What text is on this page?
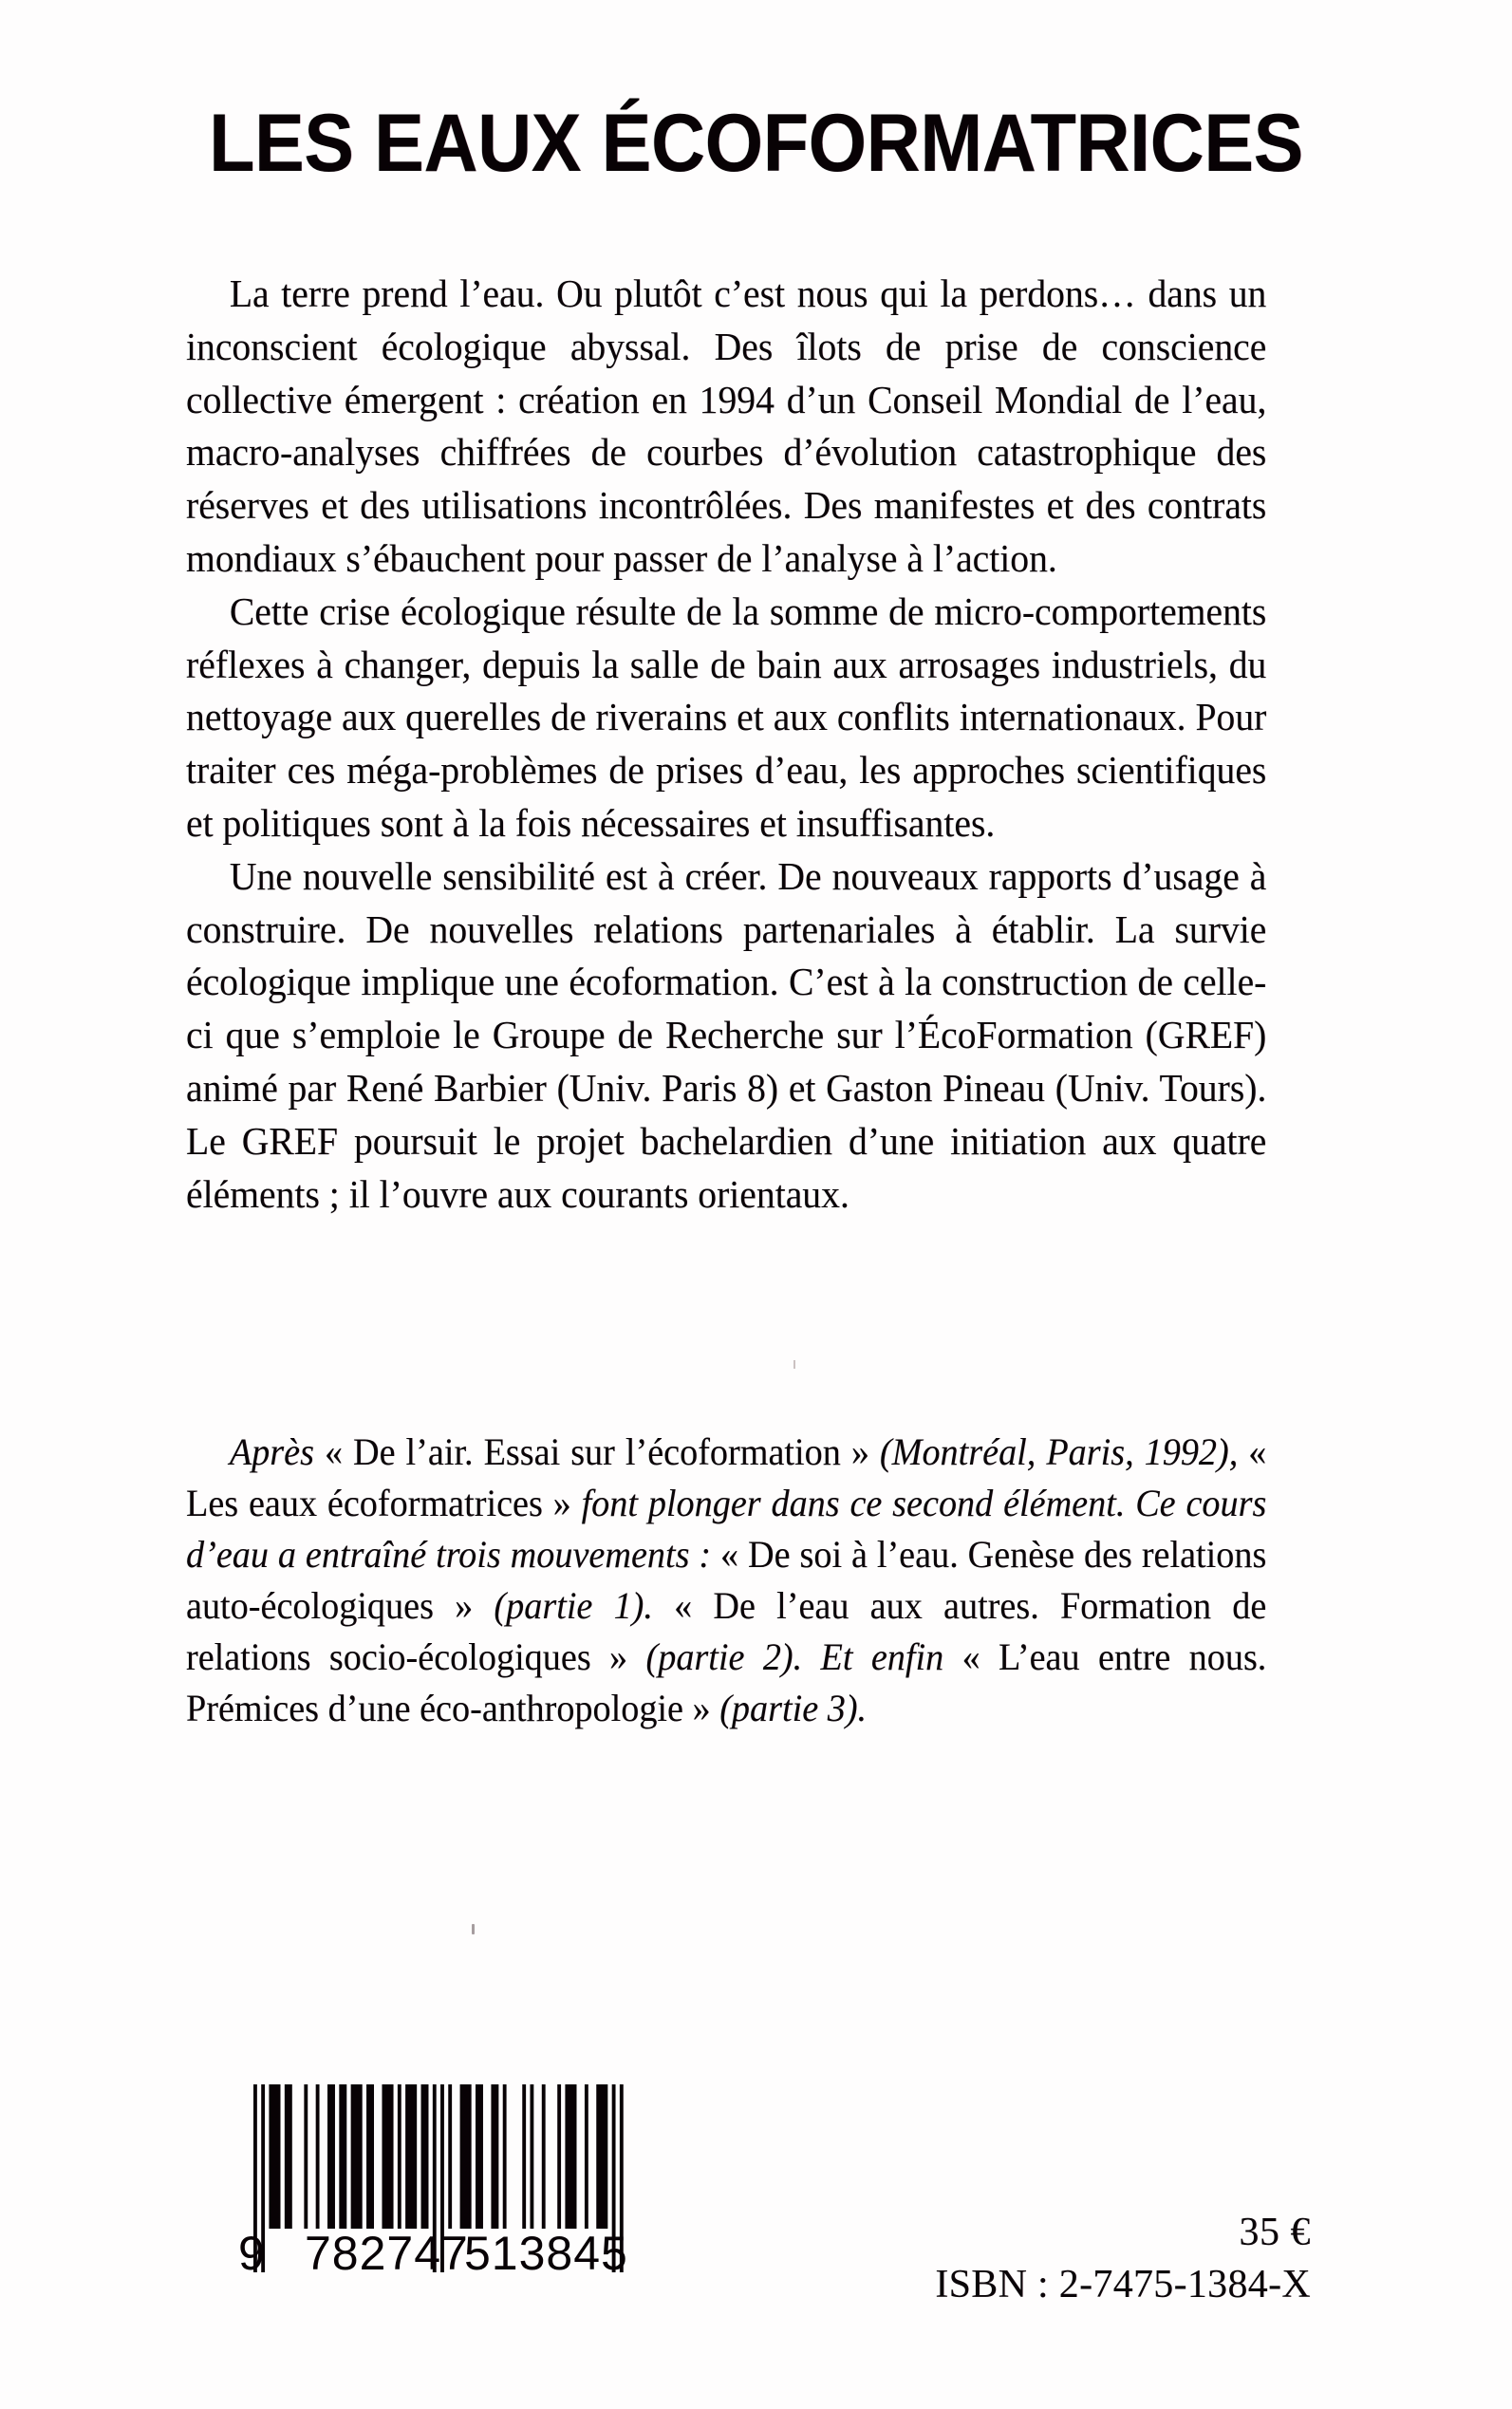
LES EAUX ÉCOFORMATRICES

La terre prend l’eau. Ou plutôt c’est nous qui la perdons… dans un inconscient écologique abyssal. Des îlots de prise de conscience collective émergent : création en 1994 d’un Conseil Mondial de l’eau, macro-analyses chiffrées de courbes d’évolution catastrophique des réserves et des utilisations incontrôlées. Des manifestes et des contrats mondiaux s’ébauchent pour passer de l’analyse à l’action.

Cette crise écologique résulte de la somme de micro-comportements réflexes à changer, depuis la salle de bain aux arrosages industriels, du nettoyage aux querelles de riverains et aux conflits internationaux. Pour traiter ces méga-problèmes de prises d’eau, les approches scientifiques et politiques sont à la fois nécessaires et insuffisantes.

Une nouvelle sensibilité est à créer. De nouveaux rapports d’usage à construire. De nouvelles relations partenariales à établir. La survie écologique implique une écoformation. C’est à la construction de celle-ci que s’emploie le Groupe de Recherche sur l’ÉcoFormation (GREF) animé par René Barbier (Univ. Paris 8) et Gaston Pineau (Univ. Tours). Le GREF poursuit le projet bachelardien d’une initiation aux quatre éléments ; il l’ouvre aux courants orientaux.

Après « De l’air. Essai sur l’écoformation » (Montréal, Paris, 1992), « Les eaux écoformatrices » font plonger dans ce second élément. Ce cours d’eau a entraîné trois mouvements : « De soi à l’eau. Genèse des relations auto-écologiques » (partie 1). « De l’eau aux autres. Formation de relations socio-écologiques » (partie 2). Et enfin « L’eau entre nous. Prémices d’une éco-anthropologie » (partie 3).

9 782747
513845	35 €
ISBN : 2-7475-1384-X
